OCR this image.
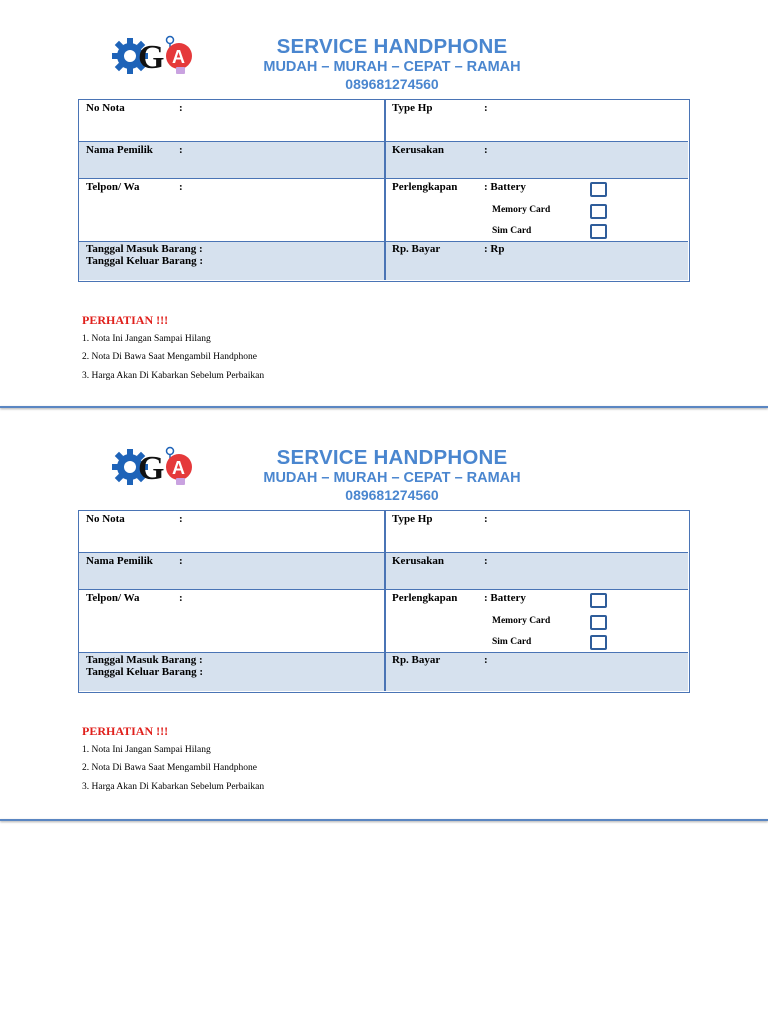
G A	SERVICE HANDPHONE
MUDAH – MURAH – CEPAT – RAMAH
089681274560
No Nota	:	Type Hp	:
Nama Pemilik :	Kerusakan	:
Telpon/ Wa	:	Perlengkapan : Battery
Memory Card
Sim Card
Tanggal Masuk Barang :
Tanggal Keluar Barang :
Rp. Bayar	: Rp
PERHATIAN !!!
1. Nota Ini Jangan Sampai Hilang
2. Nota Di Bawa Saat Mengambil Handphone
3. Harga Akan Di Kabarkan Sebelum Perbaikan
G A	SERVICE HANDPHONE
MUDAH – MURAH – CEPAT – RAMAH
089681274560
No Nota	:	Type Hp	:
Nama Pemilik :	Kerusakan	:
Telpon/ Wa	:	Perlengkapan : Battery
Memory Card
Sim Card
Tanggal Masuk Barang :
Tanggal Keluar Barang :
Rp. Bayar	:
PERHATIAN !!!
1. Nota Ini Jangan Sampai Hilang
2. Nota Di Bawa Saat Mengambil Handphone
3. Harga Akan Di Kabarkan Sebelum Perbaikan
